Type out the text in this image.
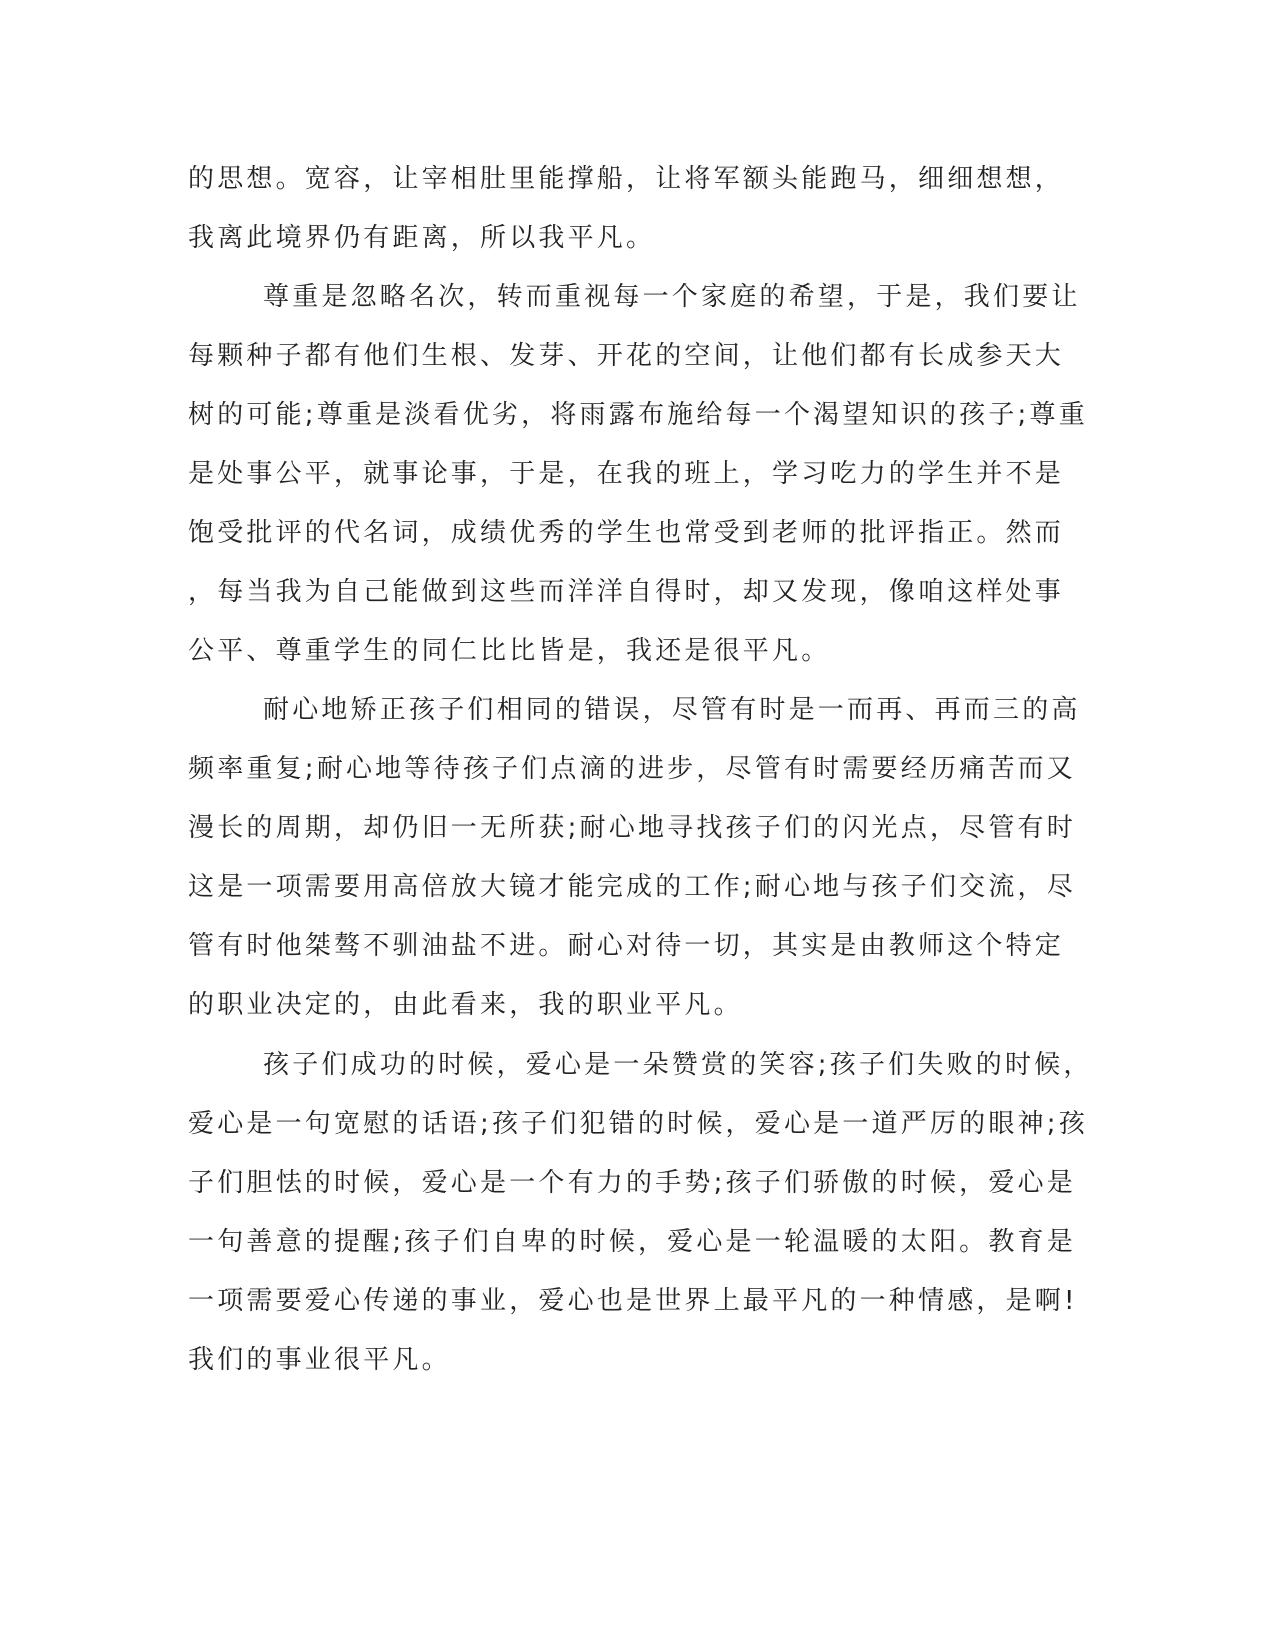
的思想。宽容，让宰相肚里能撑船，让将军额头能跑马，细细想想，
我离此境界仍有距离，所以我平凡。
尊重是忽略名次，转而重视每一个家庭的希望，于是，我们要让
每颗种子都有他们生根、发芽、开花的空间，让他们都有长成参天大
树的可能;尊重是淡看优劣，将雨露布施给每一个渴望知识的孩子;尊重
是处事公平，就事论事，于是，在我的班上，学习吃力的学生并不是
饱受批评的代名词，成绩优秀的学生也常受到老师的批评指正。然而
，每当我为自己能做到这些而洋洋自得时，却又发现，像咱这样处事
公平、尊重学生的同仁比比皆是，我还是很平凡。
耐心地矫正孩子们相同的错误，尽管有时是一而再、再而三的高
频率重复;耐心地等待孩子们点滴的进步，尽管有时需要经历痛苦而又
漫长的周期，却仍旧一无所获;耐心地寻找孩子们的闪光点，尽管有时
这是一项需要用高倍放大镜才能完成的工作;耐心地与孩子们交流，尽
管有时他桀骜不驯油盐不进。耐心对待一切，其实是由教师这个特定
的职业决定的，由此看来，我的职业平凡。
孩子们成功的时候，爱心是一朵赞赏的笑容;孩子们失败的时候，
爱心是一句宽慰的话语;孩子们犯错的时候，爱心是一道严厉的眼神;孩
子们胆怯的时候，爱心是一个有力的手势;孩子们骄傲的时候，爱心是
一句善意的提醒;孩子们自卑的时候，爱心是一轮温暖的太阳。教育是
一项需要爱心传递的事业，爱心也是世界上最平凡的一种情感，是啊!
我们的事业很平凡。
